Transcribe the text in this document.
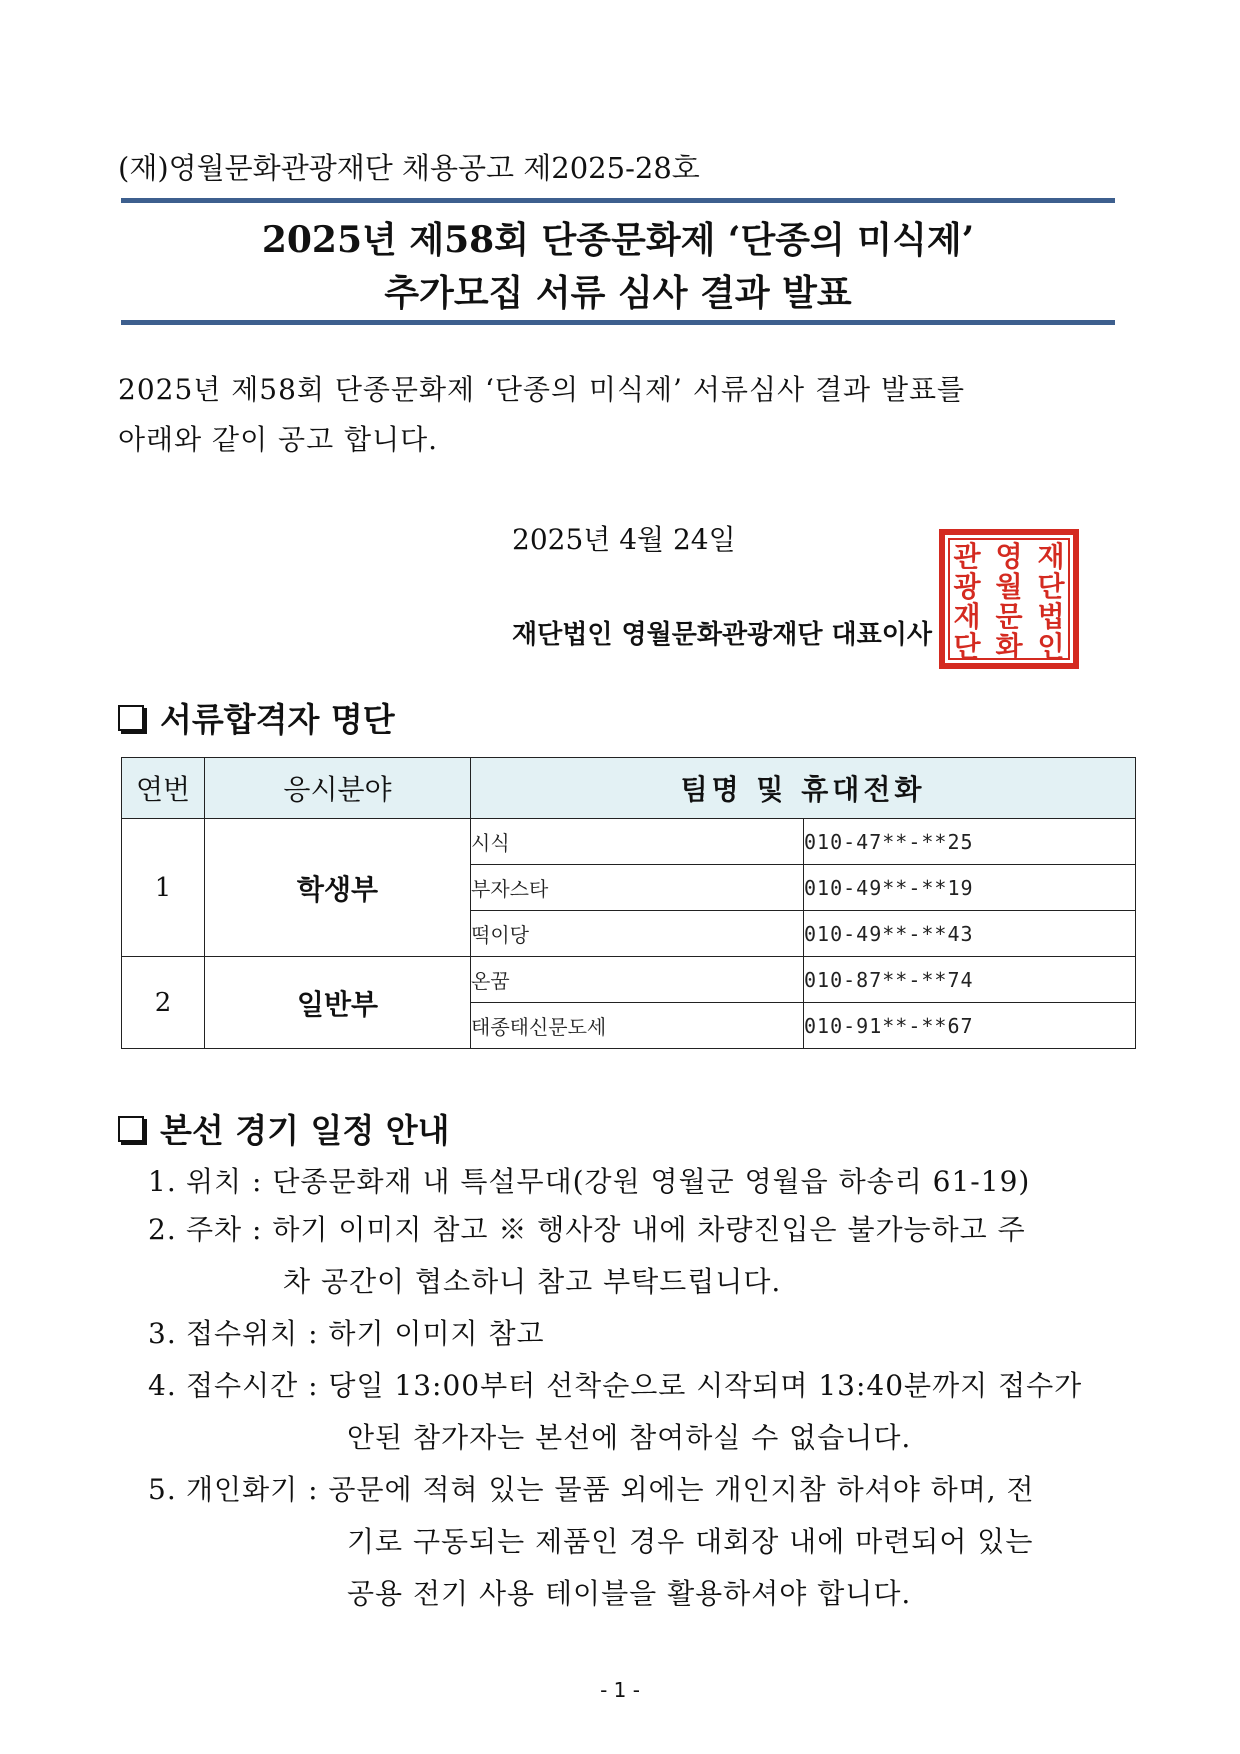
(재)영월문화관광재단 채용공고 제2025-28호
2025년 제58회 단종문화제 ‘단종의 미식제’
추가모집 서류 심사 결과 발표
2025년 제58회 단종문화제 ‘단종의 미식제’ 서류심사 결과 발표를
아래와 같이 공고 합니다.
2025년 4월 24일
재
단
법
인
영
월
문
화
관
광
재
단
재단법인 영월문화관광재단 대표이사
서류합격자 명단
연번	응시분야	팀명 및 휴대전화	
1	학생부	시식	010-47**-**25
		부자스타	010-49**-**19
		떡이당	010-49**-**43
2	일반부	온꿈	010-87**-**74
		태종태신문도세	010-91**-**67
본선 경기 일정 안내
1. 위치 : 단종문화재 내 특설무대(강원 영월군 영월읍 하송리 61-19)
2. 주차 : 하기 이미지 참고 ※ 행사장 내에 차량진입은 불가능하고 주
차 공간이 협소하니 참고 부탁드립니다.
3. 접수위치 : 하기 이미지 참고
4. 접수시간 : 당일 13:00부터 선착순으로 시작되며 13:40분까지 접수가
안된 참가자는 본선에 참여하실 수 없습니다.
5. 개인화기 : 공문에 적혀 있는 물품 외에는 개인지참 하셔야 하며, 전
기로 구동되는 제품인 경우 대회장 내에 마련되어 있는
공용 전기 사용 테이블을 활용하셔야 합니다.
- 1 -
